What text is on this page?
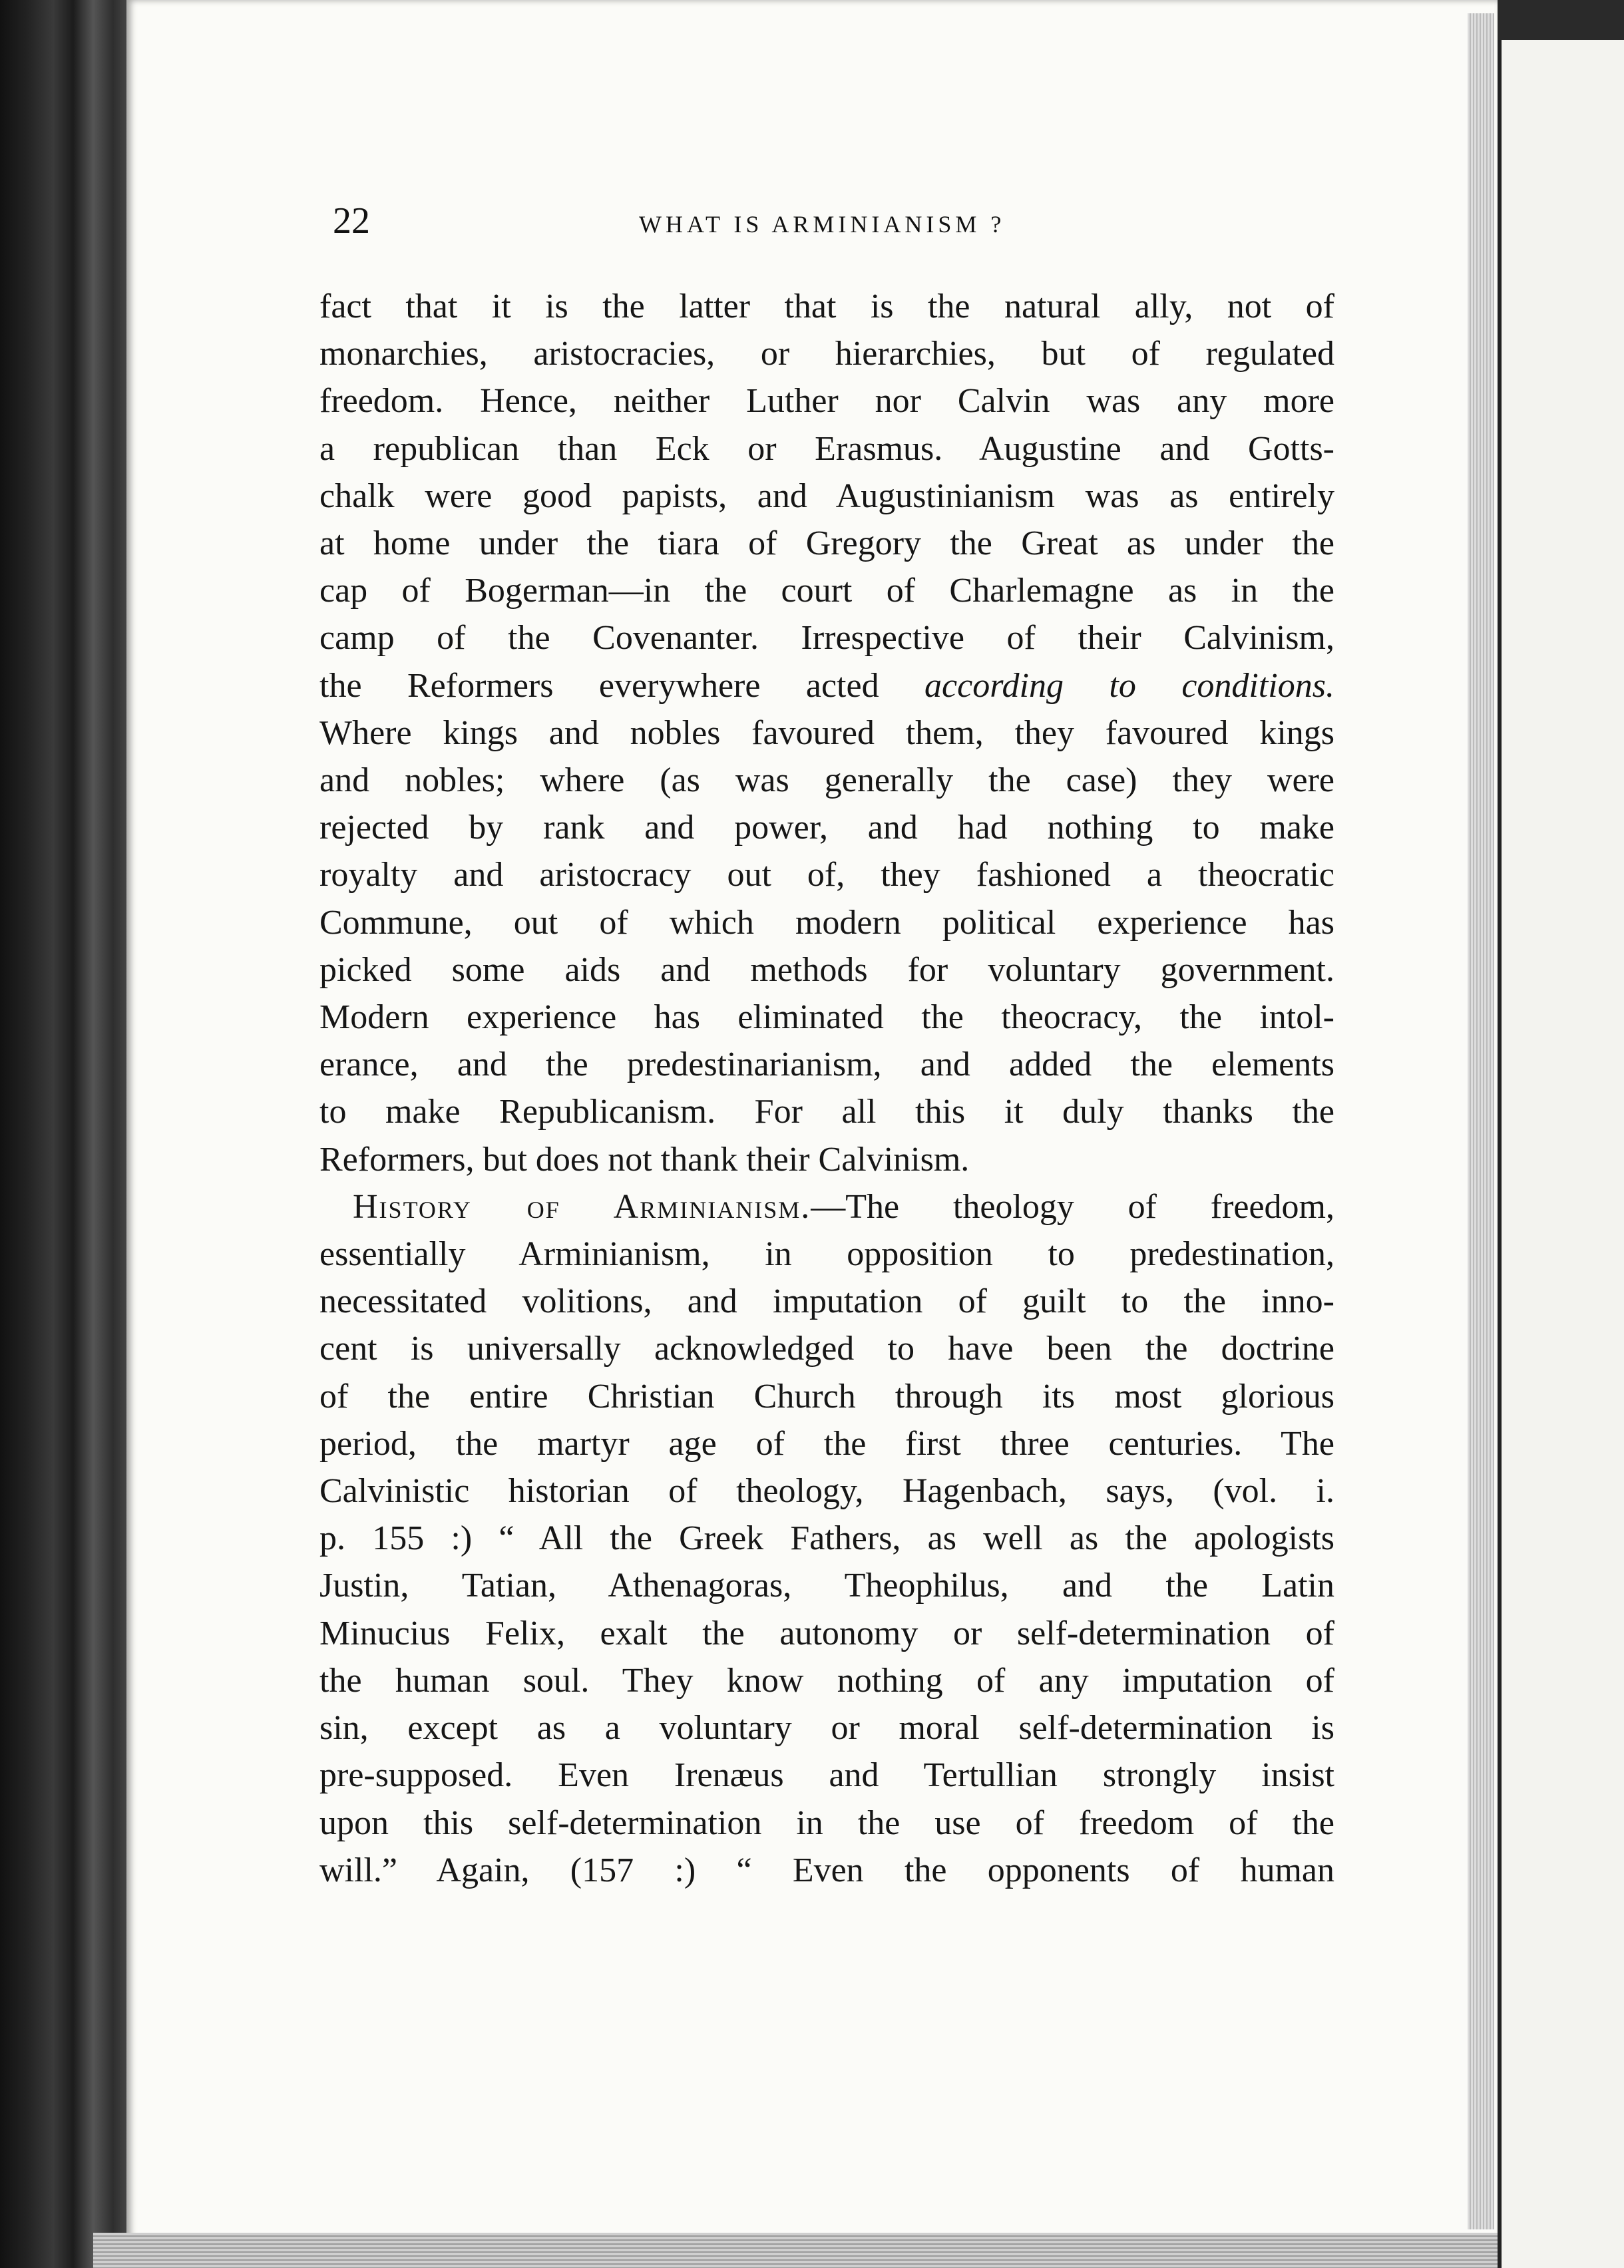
22	WHAT IS ARMINIANISM ?
fact that it is the latter that is the natural ally, not of
monarchies, aristocracies, or hierarchies, but of regulated
freedom. Hence, neither Luther nor Calvin was any more
a republican than Eck or Erasmus. Augustine and Gotts-
chalk were good papists, and Augustinianism was as entirely
at home under the tiara of Gregory the Great as under the
cap of Bogerman—in the court of Charlemagne as in the
camp of the Covenanter. Irrespective of their Calvinism,
the Reformers everywhere acted according to conditions.
Where kings and nobles favoured them, they favoured kings
and nobles; where (as was generally the case) they were
rejected by rank and power, and had nothing to make
royalty and aristocracy out of, they fashioned a theocratic
Commune, out of which modern political experience has
picked some aids and methods for voluntary government.
Modern experience has eliminated the theocracy, the intol-
erance, and the predestinarianism, and added the elements
to make Republicanism. For all this it duly thanks the
Reformers, but does not thank their Calvinism.
History of Arminianism.—The theology of freedom,
essentially Arminianism, in opposition to predestination,
necessitated volitions, and imputation of guilt to the inno-
cent is universally acknowledged to have been the doctrine
of the entire Christian Church through its most glorious
period, the martyr age of the first three centuries. The
Calvinistic historian of theology, Hagenbach, says, (vol. i.
p. 155 :) “ All the Greek Fathers, as well as the apologists
Justin, Tatian, Athenagoras, Theophilus, and the Latin
Minucius Felix, exalt the autonomy or self-determination of
the human soul. They know nothing of any imputation of
sin, except as a voluntary or moral self-determination is
pre-supposed. Even Irenæus and Tertullian strongly insist
upon this self-determination in the use of freedom of the
will.” Again, (157 :) “ Even the opponents of human
